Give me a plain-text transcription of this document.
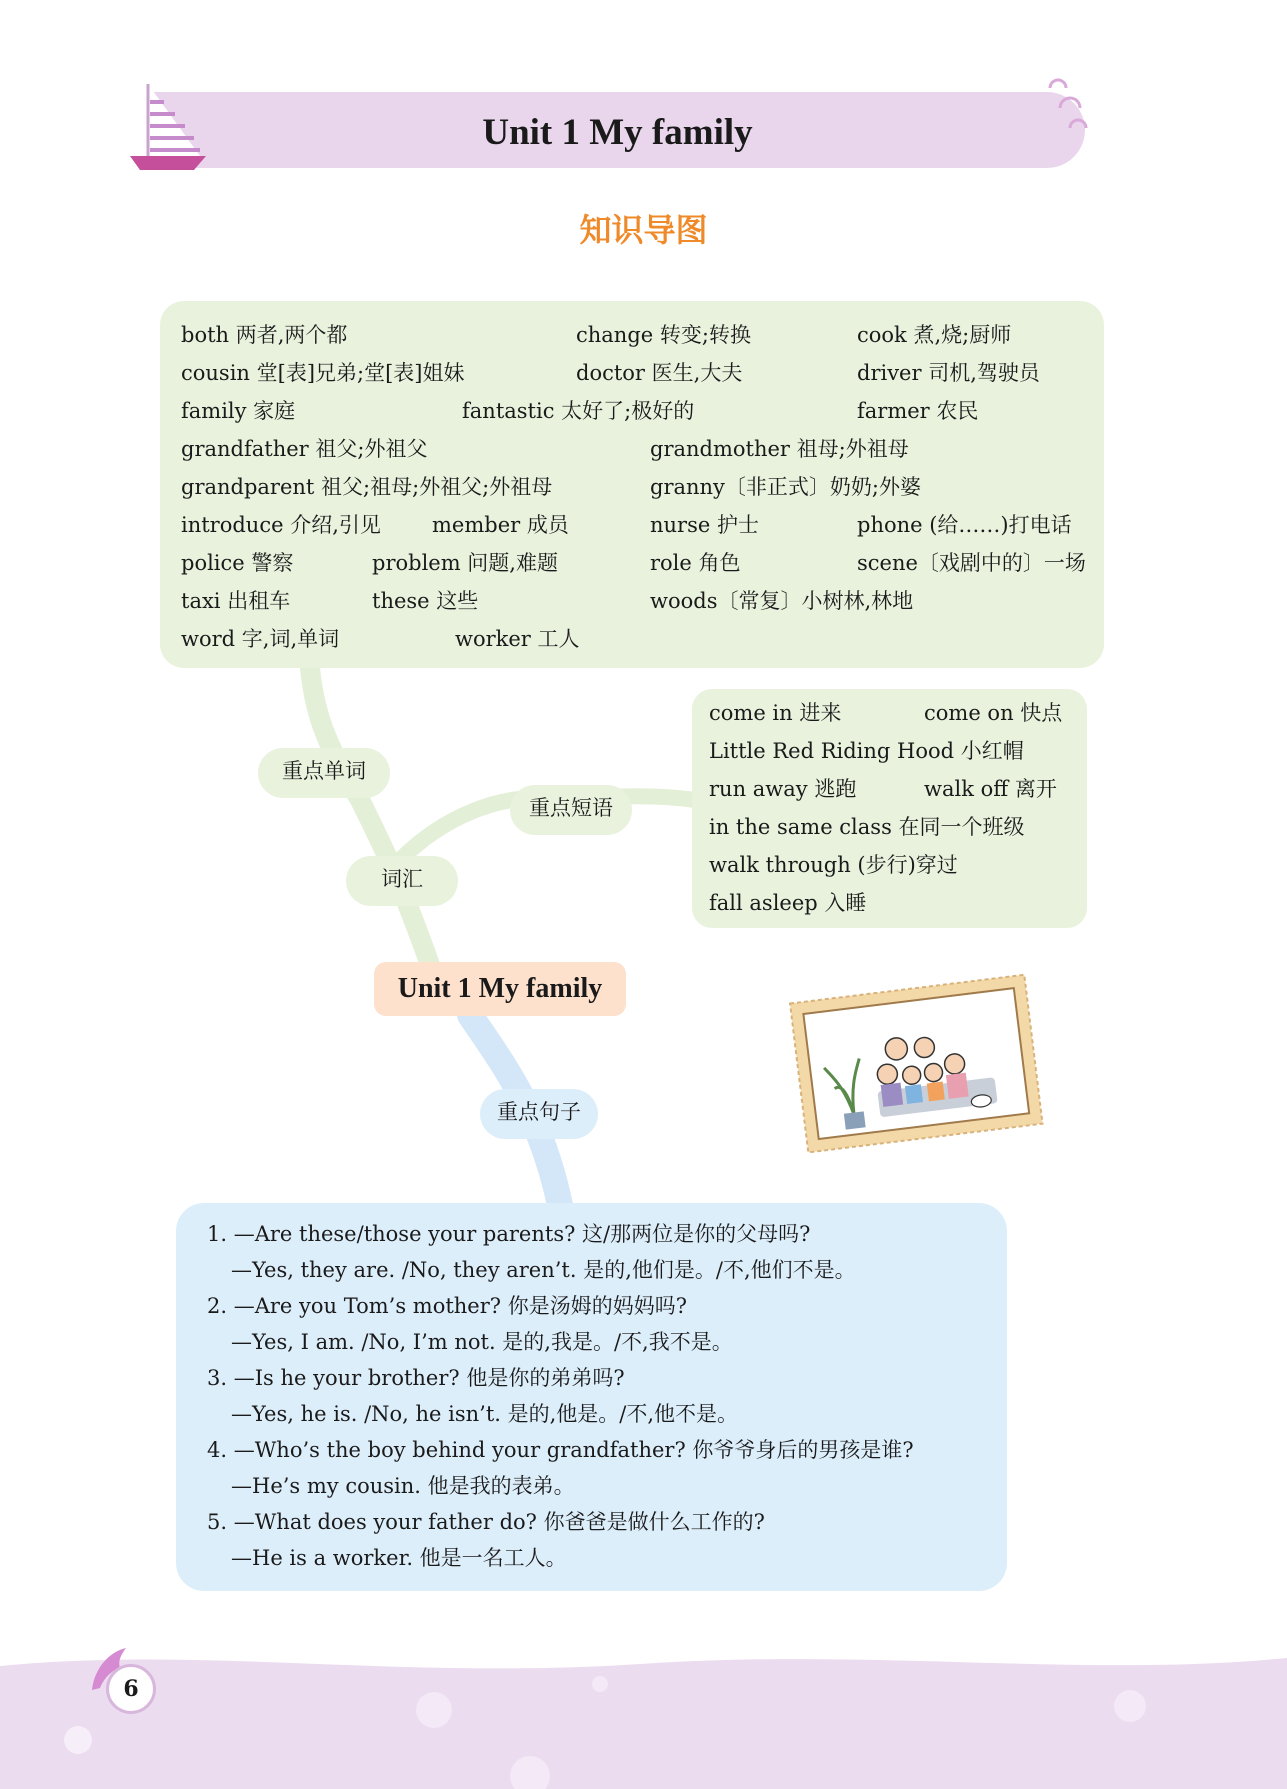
Unit 1 My family
知识导图
both 两者,两个都	change 转变;转换	cook 煮,烧;厨师
cousin 堂[表]兄弟;堂[表]姐妹	doctor 医生,大夫	driver 司机,驾驶员
family 家庭	fantastic 太好了;极好的	farmer 农民
grandfather 祖父;外祖父	grandmother 祖母;外祖母
grandparent 祖父;祖母;外祖父;外祖母	granny〔非正式〕奶奶;外婆
introduce 介绍,引见 member 成员	nurse 护士	phone (给……)打电话
police 警察	problem 问题,难题	role 角色	scene〔戏剧中的〕一场
taxi 出租车	these 这些	woods〔常复〕小树林,林地
word 字,词,单词	worker 工人
come in 进来	come on 快点
Little Red Riding Hood 小红帽
run away 逃跑	walk off 离开
in the same class 在同一个班级
walk through (步行)穿过
fall asleep 入睡
重点单词
重点短语
词汇
Unit 1 My family
重点句子
1. —Are these/those your parents? 这/那两位是你的父母吗?
—Yes, they are. /No, they aren’t. 是的,他们是。/不,他们不是。
2. —Are you Tom’s mother? 你是汤姆的妈妈吗?
—Yes, I am. /No, I’m not. 是的,我是。/不,我不是。
3. —Is he your brother? 他是你的弟弟吗?
—Yes, he is. /No, he isn’t. 是的,他是。/不,他不是。
4. —Who’s the boy behind your grandfather? 你爷爷身后的男孩是谁?
—He’s my cousin. 他是我的表弟。
5. —What does your father do? 你爸爸是做什么工作的?
—He is a worker. 他是一名工人。
6
